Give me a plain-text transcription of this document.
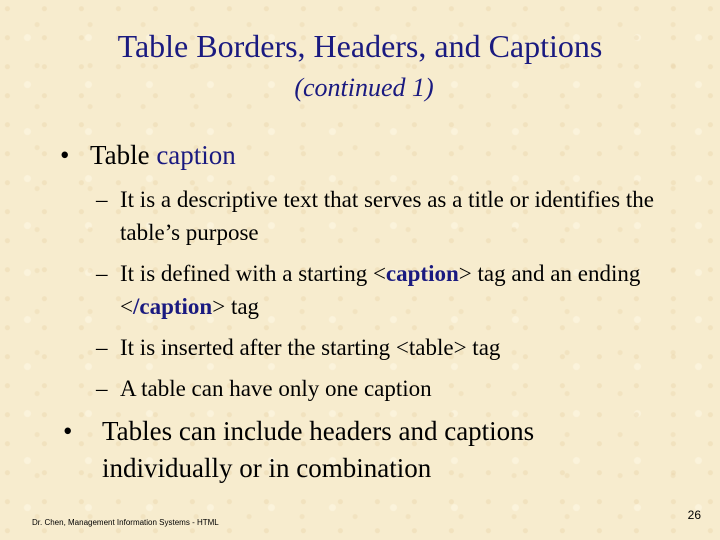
Table Borders, Headers, and Captions
(continued 1)
• Table caption
– It is a descriptive text that serves as a title or identifies the table’s purpose
– It is defined with a starting <caption> tag and an ending </caption> tag
– It is inserted after the starting <table> tag
– A table can have only one caption
•	Tables can include headers and captions individually or in combination
Dr. Chen, Management Information Systems - HTML
26
